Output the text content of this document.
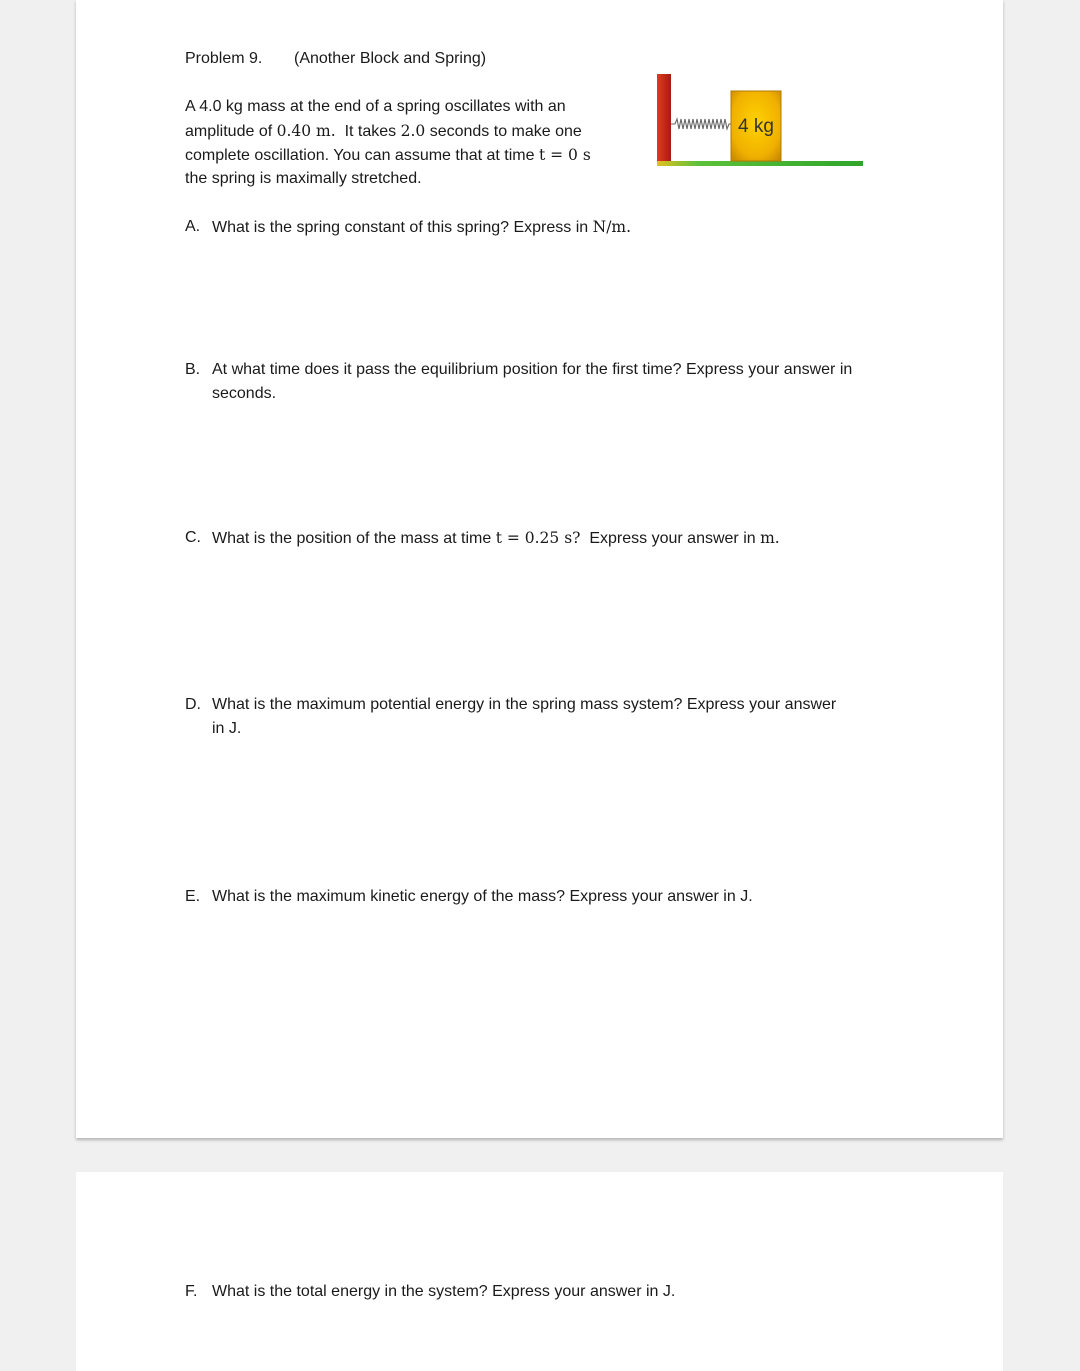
Problem 9. (Another Block and Spring)
A 4.0 kg mass at the end of a spring oscillates with an
amplitude of 0.40 m.  It takes 2.0 seconds to make one
complete oscillation. You can assume that at time t = 0 s
the spring is maximally stretched.
4 kg
A. What is the spring constant of this spring? Express in N/m.
B. At what time does it pass the equilibrium position for the first time? Express your answer in
seconds.
C. What is the position of the mass at time t = 0.25 s?  Express your answer in m.
D. What is the maximum potential energy in the spring mass system? Express your answer
in J.
E. What is the maximum kinetic energy of the mass? Express your answer in J.
F. What is the total energy in the system? Express your answer in J.
